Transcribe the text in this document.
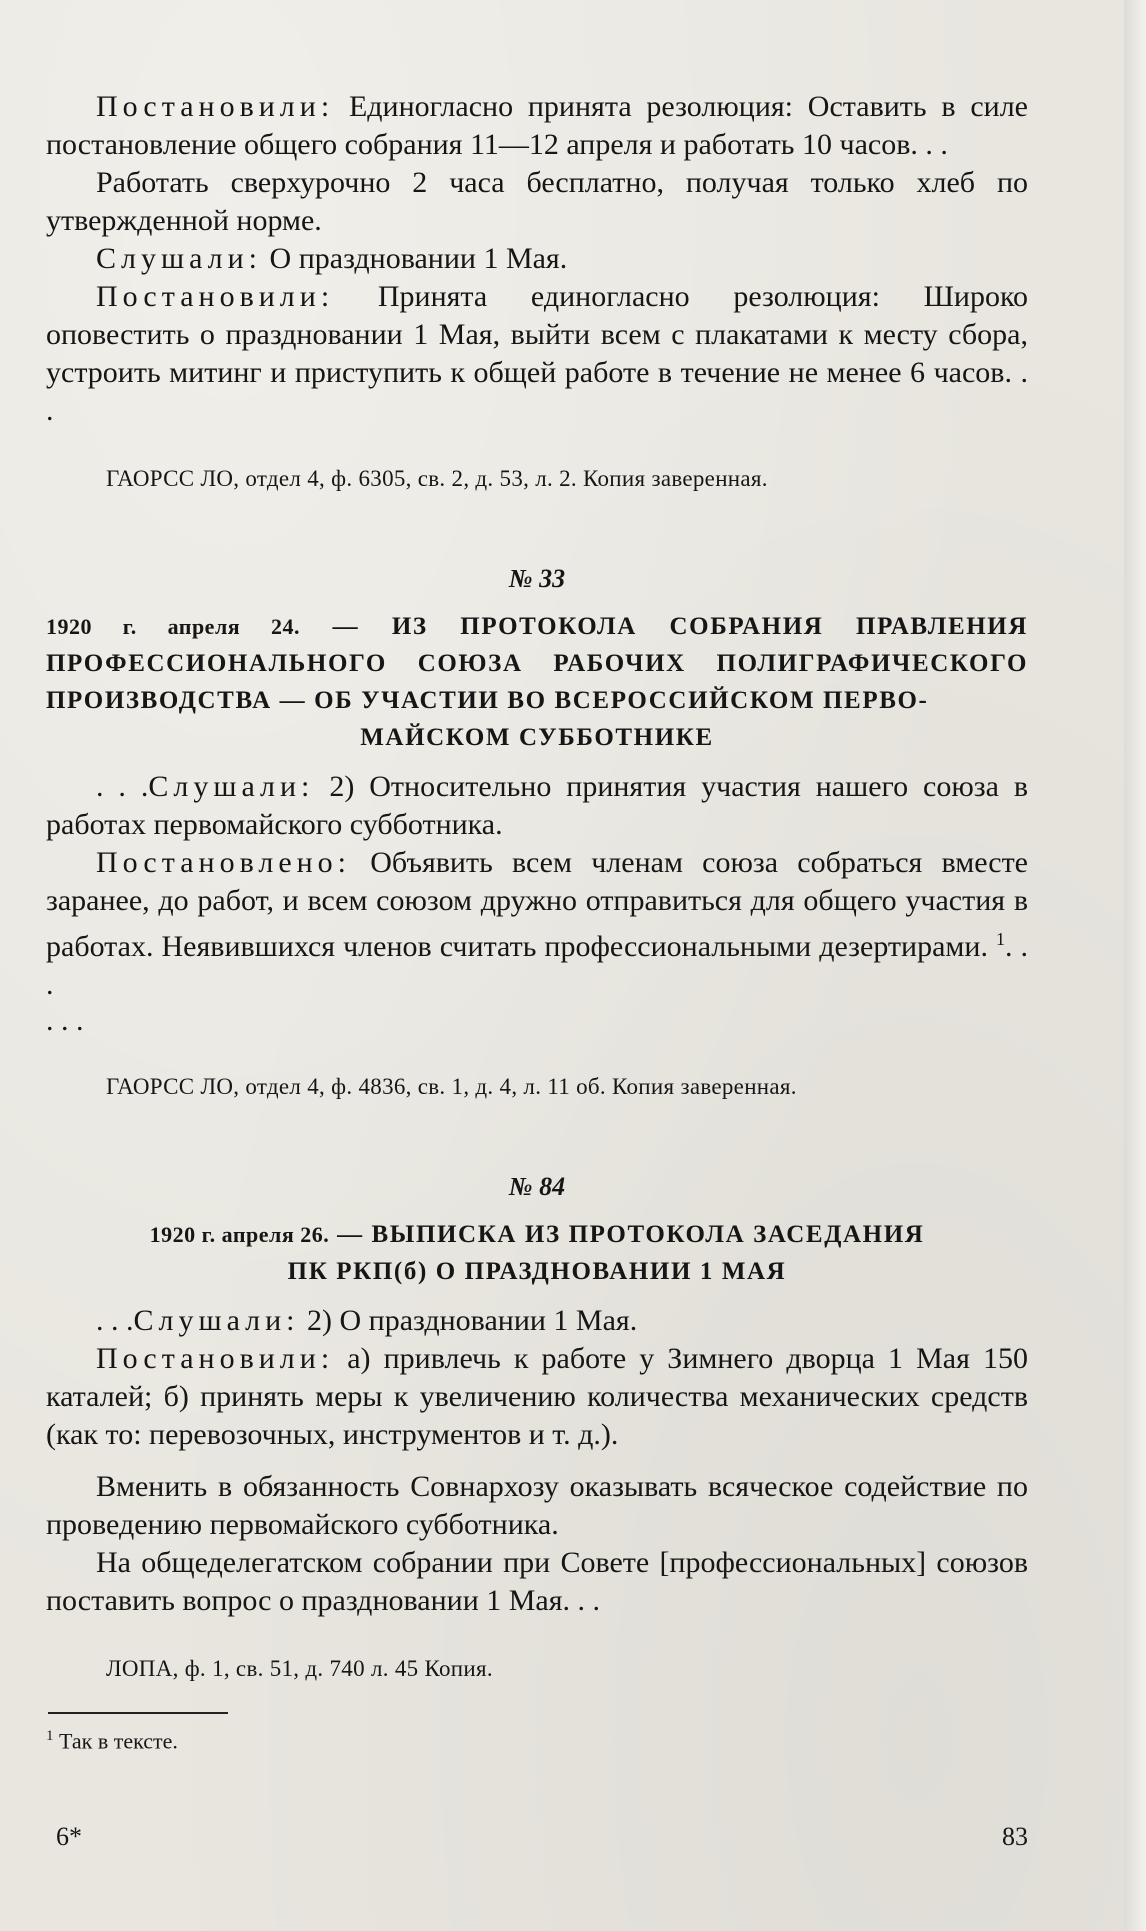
Постановили: Единогласно принята резолюция: Оставить в силе постановление общего собрания 11—12 апреля и работать 10 часов. . .

Работать сверхурочно 2 часа бесплатно, получая только хлеб по утвержденной норме.

Слушали: О праздновании 1 Мая.

Постановили: Принята единогласно резолюция: Широко оповестить о праздновании 1 Мая, выйти всем с плакатами к месту сбора, устроить митинг и приступить к общей работе в течение не менее 6 часов. . .

ГАОРСС ЛО, отдел 4, ф. 6305, св. 2, д. 53, л. 2. Копия заверенная.

№ 33
1920 г. апреля 24. — ИЗ ПРОТОКОЛА СОБРАНИЯ ПРАВЛЕНИЯ ПРОФЕССИОНАЛЬНОГО СОЮЗА РАБОЧИХ ПОЛИГРАФИЧЕСКОГО ПРОИЗВОДСТВА — ОБ УЧАСТИИ ВО ВСЕРОССИЙСКОМ ПЕРВО-
МАЙСКОМ СУББОТНИКЕ

. . .Слушали: 2) Относительно принятия участия нашего союза в работах первомайского субботника.

Постановлено: Объявить всем членам союза собраться вместе заранее, до работ, и всем союзом дружно отправиться для общего участия в работах. Неявившихся членов считать профессиональными дезертирами. $^1$. . .

. . .

ГАОРСС ЛО, отдел 4, ф. 4836, св. 1, д. 4, л. 11 об. Копия заверенная.

№ 84
1920 г. апреля 26. — ВЫПИСКА ИЗ ПРОТОКОЛА ЗАСЕДАНИЯ
ПК РКП(б) О ПРАЗДНОВАНИИ 1 МАЯ

. . .Слушали: 2) О праздновании 1 Мая.

Постановили: а) привлечь к работе у Зимнего дворца 1 Мая 150 каталей; б) принять меры к увеличению количества механических средств (как то: перевозочных, инструментов и т. д.).

Вменить в обязанность Совнархозу оказывать всяческое содействие по проведению первомайского субботника.

На общеделегатском собрании при Совете [профессиональных] союзов поставить вопрос о праздновании 1 Мая. . .

ЛОПА, ф. 1, св. 51, д. 740 л. 45 Копия.

$^1$ Так в тексте.

6*	83
